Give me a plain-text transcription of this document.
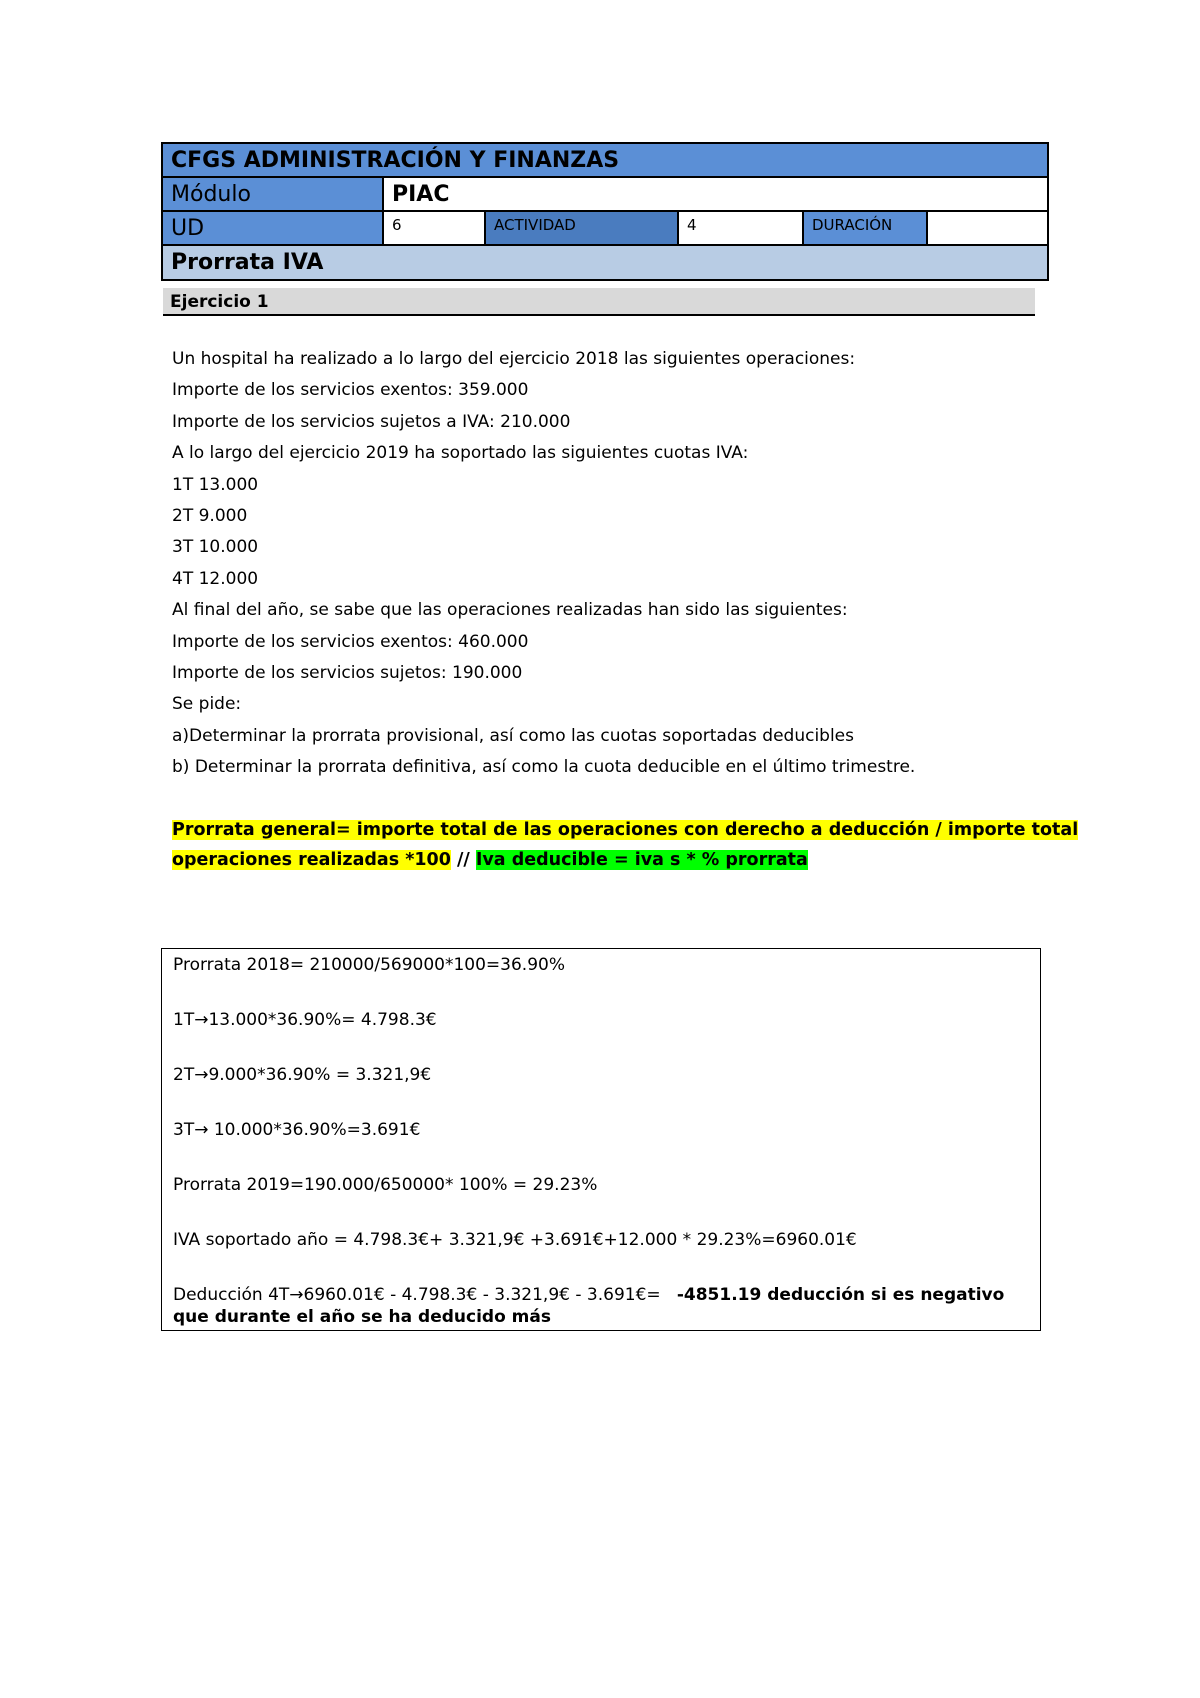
CFGS ADMINISTRACIÓN Y FINANZAS
Módulo	PIAC
UD	6	ACTIVIDAD	4	DURACIÓN
Prorrata IVA
Ejercicio 1

Un hospital ha realizado a lo largo del ejercicio 2018 las siguientes operaciones:

Importe de los servicios exentos: 359.000

Importe de los servicios sujetos a IVA: 210.000

A lo largo del ejercicio 2019 ha soportado las siguientes cuotas IVA:

1T 13.000

2T 9.000

3T 10.000

4T 12.000

Al final del año, se sabe que las operaciones realizadas han sido las siguientes:

Importe de los servicios exentos: 460.000

Importe de los servicios sujetos: 190.000

Se pide:

a)Determinar la prorrata provisional, así como las cuotas soportadas deducibles

b) Determinar la prorrata definitiva, así como la cuota deducible en el último trimestre.

Prorrata general= importe total de las operaciones con derecho a deducción / importe total
operaciones realizadas *100 // Iva deducible = iva s * % prorrata
Prorrata 2018= 210000/569000*100=36.90%
1T→13.000*36.90%= 4.798.3€
2T→9.000*36.90% = 3.321,9€
3T→ 10.000*36.90%=3.691€
Prorrata 2019=190.000/650000* 100% = 29.23%
IVA soportado año = 4.798.3€+ 3.321,9€ +3.691€+12.000 * 29.23%=6960.01€
Deducción 4T→6960.01€ - 4.798.3€ - 3.321,9€ - 3.691€=   -4851.19 deducción si es negativo
que durante el año se ha deducido más
